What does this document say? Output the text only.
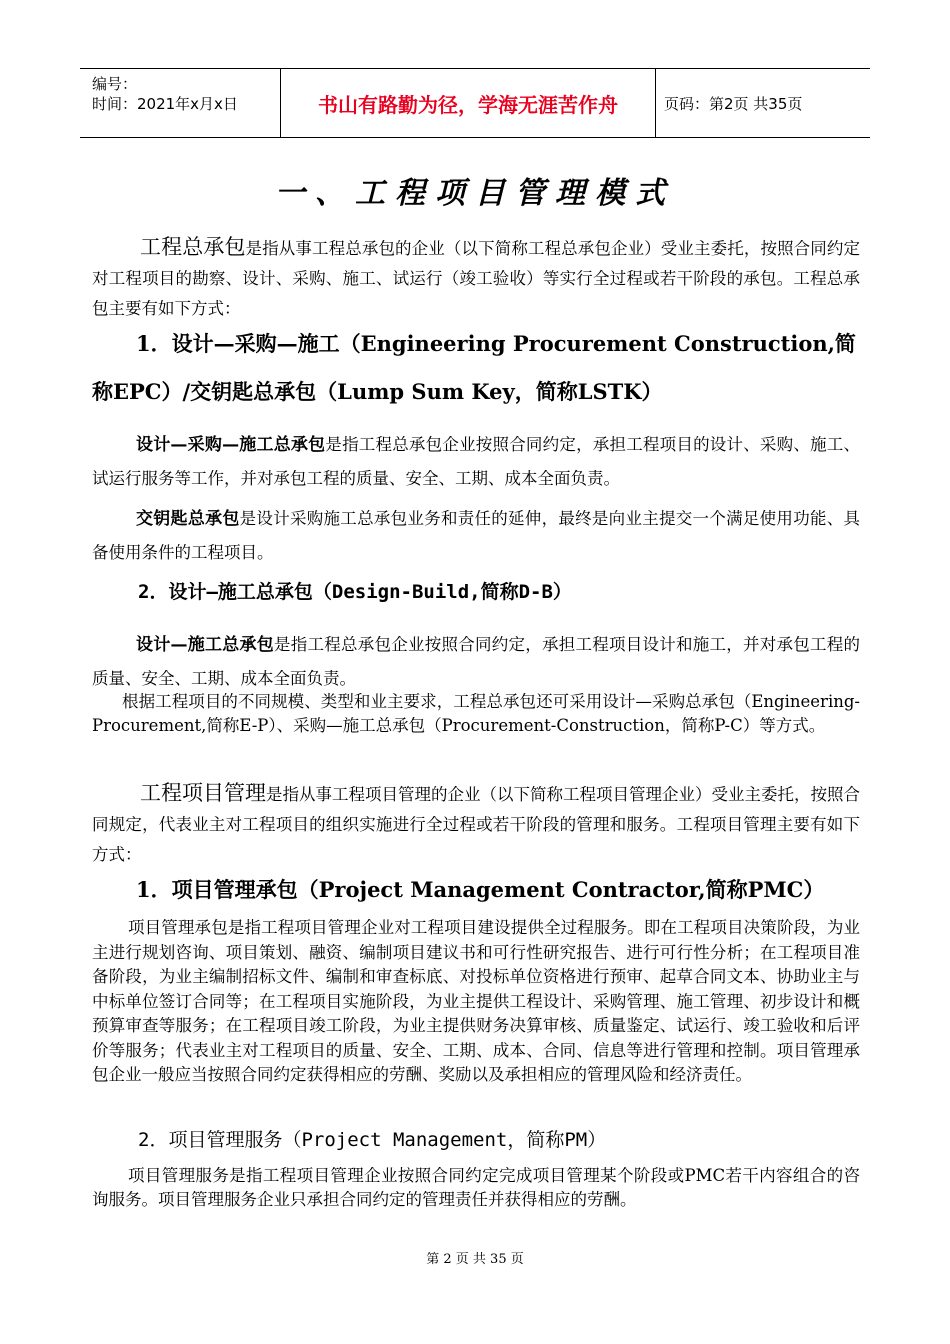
编号：
时间：2021年x月x日	书山有路勤为径，学海无涯苦作舟	页码：第2页 共35页
一、工程项目管理模式
工程总承包是指从事工程总承包的企业（以下简称工程总承包企业）受业主委托，按照合同约定对工程项目的勘察、设计、采购、施工、试运行（竣工验收）等实行全过程或若干阶段的承包。工程总承包主要有如下方式：
1．设计—采购—施工（Engineering Procurement Construction,简称EPC）/交钥匙总承包（Lump Sum Key，简称LSTK）
设计—采购—施工总承包是指工程总承包企业按照合同约定，承担工程项目的设计、采购、施工、试运行服务等工作，并对承包工程的质量、安全、工期、成本全面负责。
交钥匙总承包是设计采购施工总承包业务和责任的延伸，最终是向业主提交一个满足使用功能、具备使用条件的工程项目。
2．设计—施工总承包（Design-Build,简称D-B）
设计—施工总承包是指工程总承包企业按照合同约定，承担工程项目设计和施工，并对承包工程的质量、安全、工期、成本全面负责。
根据工程项目的不同规模、类型和业主要求，工程总承包还可采用设计—采购总承包（Engineering-Procurement,简称E-P）、采购—施工总承包（Procurement-Construction，简称P-C）等方式。
工程项目管理是指从事工程项目管理的企业（以下简称工程项目管理企业）受业主委托，按照合同规定，代表业主对工程项目的组织实施进行全过程或若干阶段的管理和服务。工程项目管理主要有如下方式：
1．项目管理承包（Project Management Contractor,简称PMC）
项目管理承包是指工程项目管理企业对工程项目建设提供全过程服务。即在工程项目决策阶段，为业主进行规划咨询、项目策划、融资、编制项目建议书和可行性研究报告、进行可行性分析；在工程项目准备阶段，为业主编制招标文件、编制和审查标底、对投标单位资格进行预审、起草合同文本、协助业主与中标单位签订合同等；在工程项目实施阶段，为业主提供工程设计、采购管理、施工管理、初步设计和概预算审查等服务；在工程项目竣工阶段，为业主提供财务决算审核、质量鉴定、试运行、竣工验收和后评价等服务；代表业主对工程项目的质量、安全、工期、成本、合同、信息等进行管理和控制。项目管理承包企业一般应当按照合同约定获得相应的劳酬、奖励以及承担相应的管理风险和经济责任。
2．项目管理服务（Project Management，简称PM）
项目管理服务是指工程项目管理企业按照合同约定完成项目管理某个阶段或PMC若干内容组合的咨询服务。项目管理服务企业只承担合同约定的管理责任并获得相应的劳酬。
第 2 页 共 35 页
